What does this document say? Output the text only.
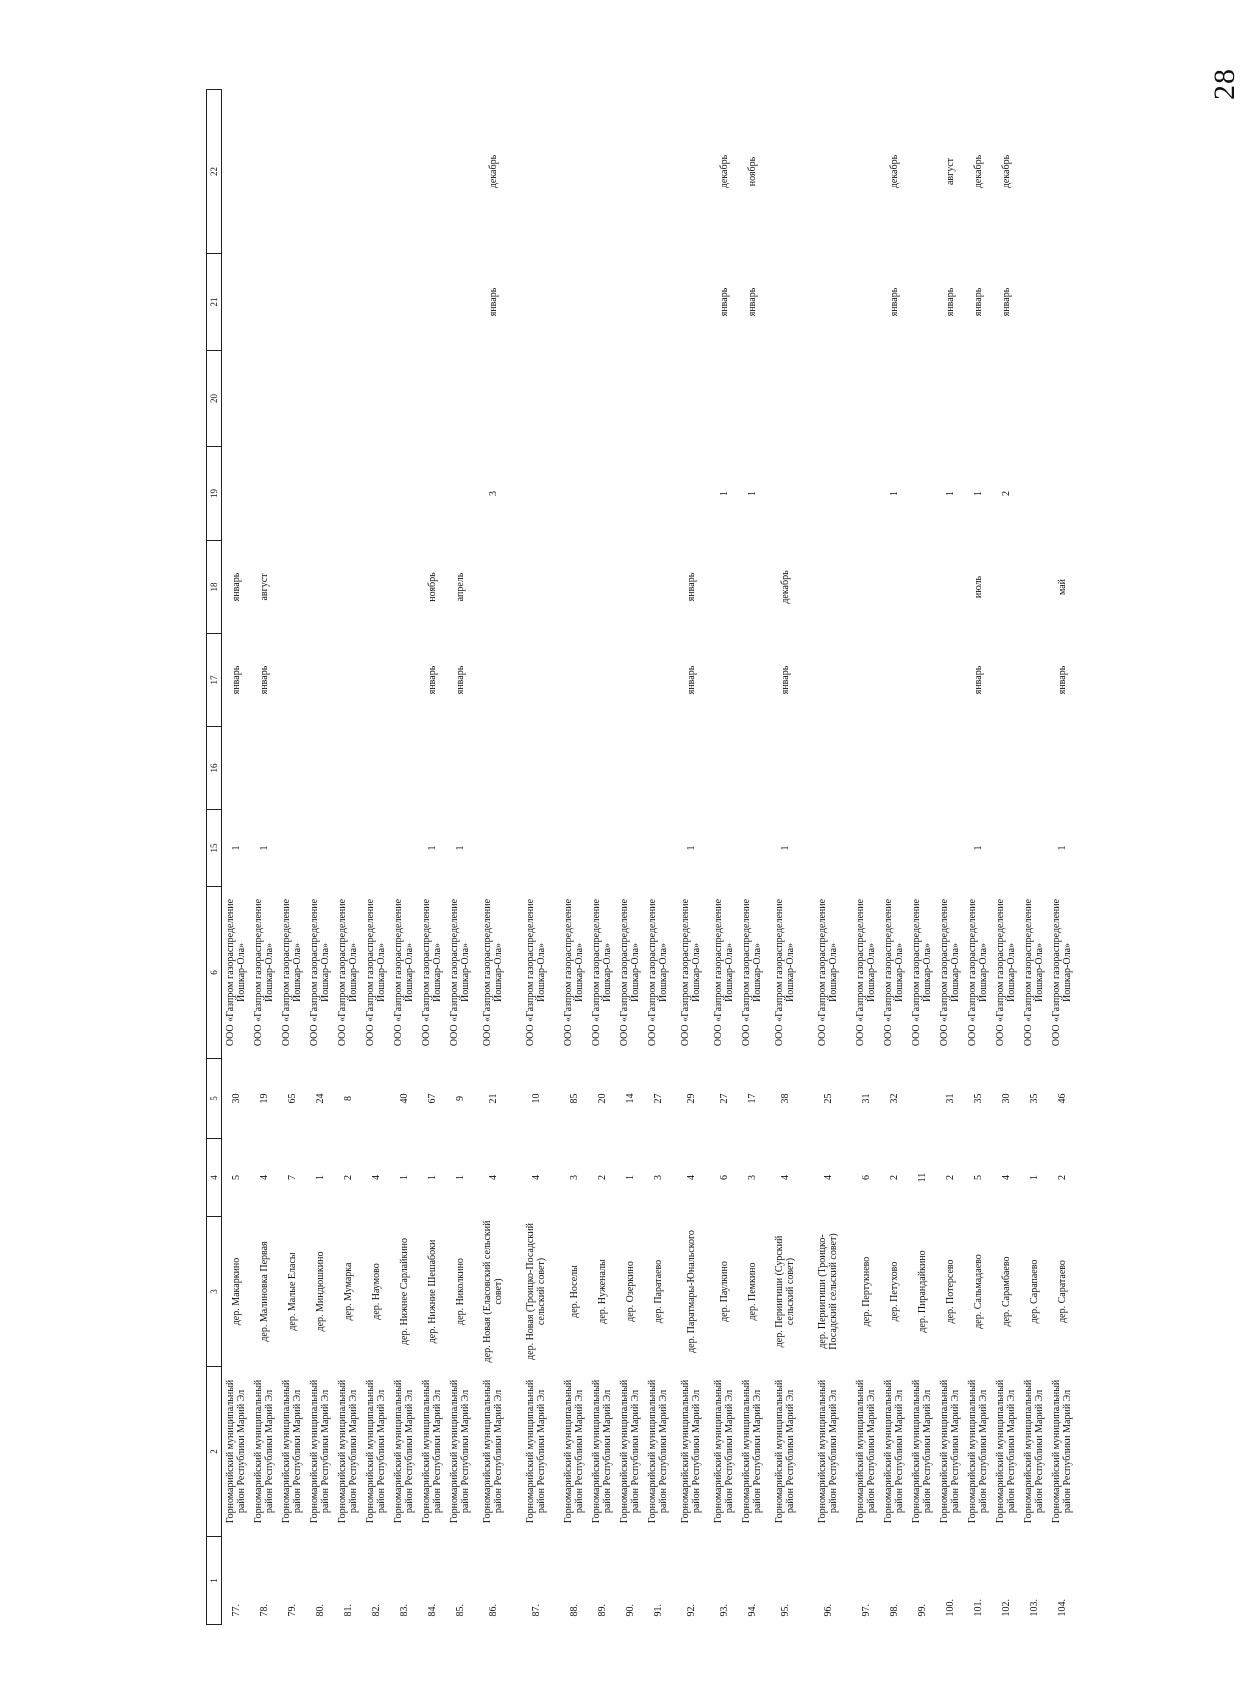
28
1	2	3	4	5	6	15	16	17	18	19	20	21	22
77.	Горномарийский муниципальный район Республики Марий Эл	дер. Макаркино	5	30	ООО «Газпром газораспределение Йошкар-Ола»	1		январь	январь				
78.	Горномарийский муниципальный район Республики Марий Эл	дер. Малиновка Первая	4	19	ООО «Газпром газораспределение Йошкар-Ола»	1		январь	август				
79.	Горномарийский муниципальный район Республики Марий Эл	дер. Малые Еласы	7	65	ООО «Газпром газораспределение Йошкар-Ола»								
80.	Горномарийский муниципальный район Республики Марий Эл	дер. Миндюшкино	1	24	ООО «Газпром газораспределение Йошкар-Ола»								
81.	Горномарийский муниципальный район Республики Марий Эл	дер. Мумарка	2	8	ООО «Газпром газораспределение Йошкар-Ола»								
82.	Горномарийский муниципальный район Республики Марий Эл	дер. Наумово	4		ООО «Газпром газораспределение Йошкар-Ола»								
83.	Горномарийский муниципальный район Республики Марий Эл	дер. Нижнее Сарлайкино	1	40	ООО «Газпром газораспределение Йошкар-Ола»								
84.	Горномарийский муниципальный район Республики Марий Эл	дер. Нижние Шешабоки	1	67	ООО «Газпром газораспределение Йошкар-Ола»	1		январь	ноябрь				
85.	Горномарийский муниципальный район Республики Марий Эл	дер. Николкино	1	9	ООО «Газпром газораспределение Йошкар-Ола»	1		январь	апрель				
86.	Горномарийский муниципальный район Республики Марий Эл	дер. Новая (Еласовский сельский совет)	4	21	ООО «Газпром газораспределение Йошкар-Ола»					3		январь	декабрь
87.	Горномарийский муниципальный район Республики Марий Эл	дер. Новая (Троицко-Посадский сельский совет)	4	10	ООО «Газпром газораспределение Йошкар-Ола»								
88.	Горномарийский муниципальный район Республики Марий Эл	дер. Носелы	3	85	ООО «Газпром газораспределение Йошкар-Ола»								
89.	Горномарийский муниципальный район Республики Марий Эл	дер. Нуженалы	2	20	ООО «Газпром газораспределение Йошкар-Ола»								
90.	Горномарийский муниципальный район Республики Марий Эл	дер. Озеркино	1	14	ООО «Газпром газораспределение Йошкар-Ола»								
91.	Горномарийский муниципальный район Республики Марий Эл	дер. Паратаево	3	27	ООО «Газпром газораспределение Йошкар-Ола»								
92.	Горномарийский муниципальный район Республики Марий Эл	дер. Паратмары-Юнальского	4	29	ООО «Газпром газораспределение Йошкар-Ола»	1		январь	январь				
93.	Горномарийский муниципальный район Республики Марий Эл	дер. Паулкино	6	27	ООО «Газпром газораспределение Йошкар-Ола»					1		январь	декабрь
94.	Горномарийский муниципальный район Республики Марий Эл	дер. Пемкино	3	17	ООО «Газпром газораспределение Йошкар-Ола»					1		январь	ноябрь
95.	Горномарийский муниципальный район Республики Марий Эл	дер. Периигиши (Сурский сельский совет)	4	38	ООО «Газпром газораспределение Йошкар-Ола»	1		январь	декабрь				
96.	Горномарийский муниципальный район Республики Марий Эл	дер. Периигиши (Троицко-Посадский сельский совет)	4	25	ООО «Газпром газораспределение Йошкар-Ола»								
97.	Горномарийский муниципальный район Республики Марий Эл	дер. Пертукнево	6	31	ООО «Газпром газораспределение Йошкар-Ола»								
98.	Горномарийский муниципальный район Республики Марий Эл	дер. Петухово	2	32	ООО «Газпром газораспределение Йошкар-Ола»					1		январь	декабрь
99.	Горномарийский муниципальный район Республики Марий Эл	дер. Пирандайкино	11		ООО «Газпром газораспределение Йошкар-Ола»								
100.	Горномарийский муниципальный район Республики Марий Эл	дер. Потерсево	2	31	ООО «Газпром газораспределение Йошкар-Ола»					1		январь	август
101.	Горномарийский муниципальный район Республики Марий Эл	дер. Сальмадаево	5	35	ООО «Газпром газораспределение Йошкар-Ола»	1		январь	июль	1		январь	декабрь
102.	Горномарийский муниципальный район Республики Марий Эл	дер. Сарамбаево	4	30	ООО «Газпром газораспределение Йошкар-Ола»					2		январь	декабрь
103.	Горномарийский муниципальный район Республики Марий Эл	дер. Сарапаево	1	35	ООО «Газпром газораспределение Йошкар-Ола»								
104.	Горномарийский муниципальный район Республики Марий Эл	дер. Саратаево	2	46	ООО «Газпром газораспределение Йошкар-Ола»	1		январь	май				
